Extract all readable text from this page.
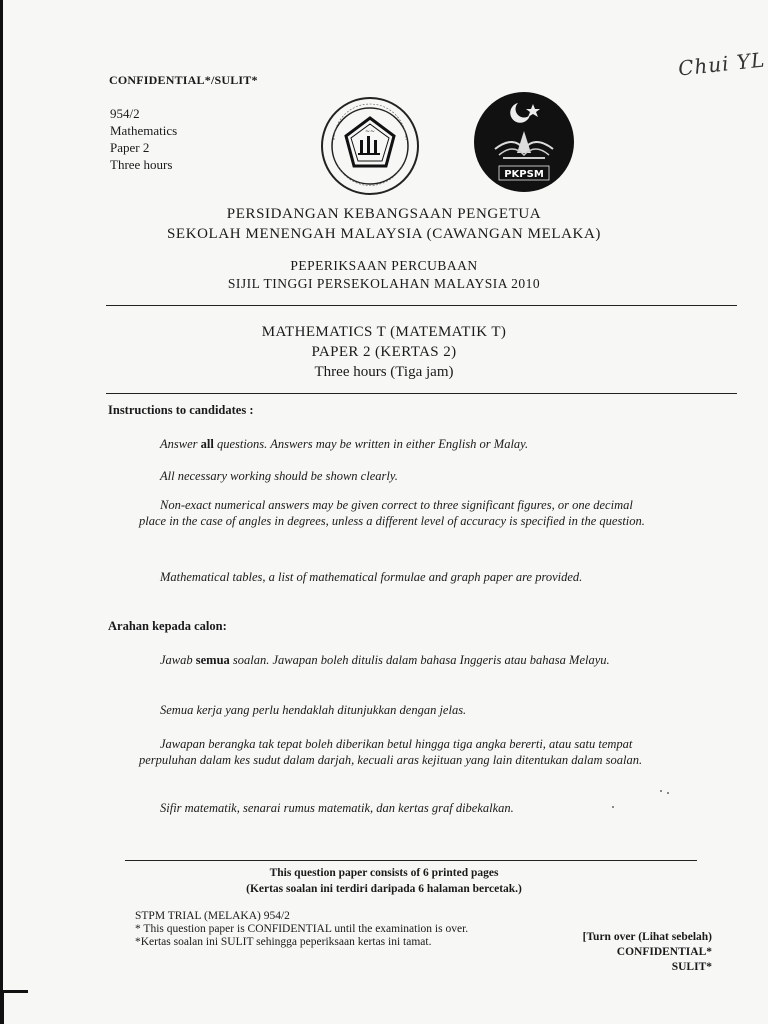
Chui YL
CONFIDENTIAL*/SULIT*
954/2
Mathematics
Paper 2
Three hours
~~
PKPSM
PERSIDANGAN KEBANGSAAN PENGETUA
SEKOLAH MENENGAH MALAYSIA (CAWANGAN MELAKA)
PEPERIKSAAN PERCUBAAN
SIJIL TINGGI PERSEKOLAHAN MALAYSIA 2010
MATHEMATICS T (MATEMATIK T)
PAPER 2 (KERTAS 2)
Three hours (Tiga jam)
Instructions to candidates :
Answer all questions. Answers may be written in either English or Malay.
All necessary working should be shown clearly.
Non-exact numerical answers may be given correct to three significant figures, or one decimal place in the case of angles in degrees, unless a different level of accuracy is specified in the question.
Mathematical tables, a list of mathematical formulae and graph paper are provided.
Arahan kepada calon:
Jawab semua soalan. Jawapan boleh ditulis dalam bahasa Inggeris atau bahasa Melayu.
Semua kerja yang perlu hendaklah ditunjukkan dengan jelas.
Jawapan berangka tak tepat boleh diberikan betul hingga tiga angka bererti, atau satu tempat perpuluhan dalam kes sudut dalam darjah, kecuali aras kejituan yang lain ditentukan dalam soalan.
Sifir matematik, senarai rumus matematik, dan kertas graf dibekalkan.
This question paper consists of 6 printed pages
(Kertas soalan ini terdiri daripada 6 halaman bercetak.)
STPM TRIAL (MELAKA) 954/2
* This question paper is CONFIDENTIAL until the examination is over.
*Kertas soalan ini SULIT sehingga peperiksaan kertas ini tamat.	[Turn over (Lihat sebelah)
CONFIDENTIAL*
SULIT*
